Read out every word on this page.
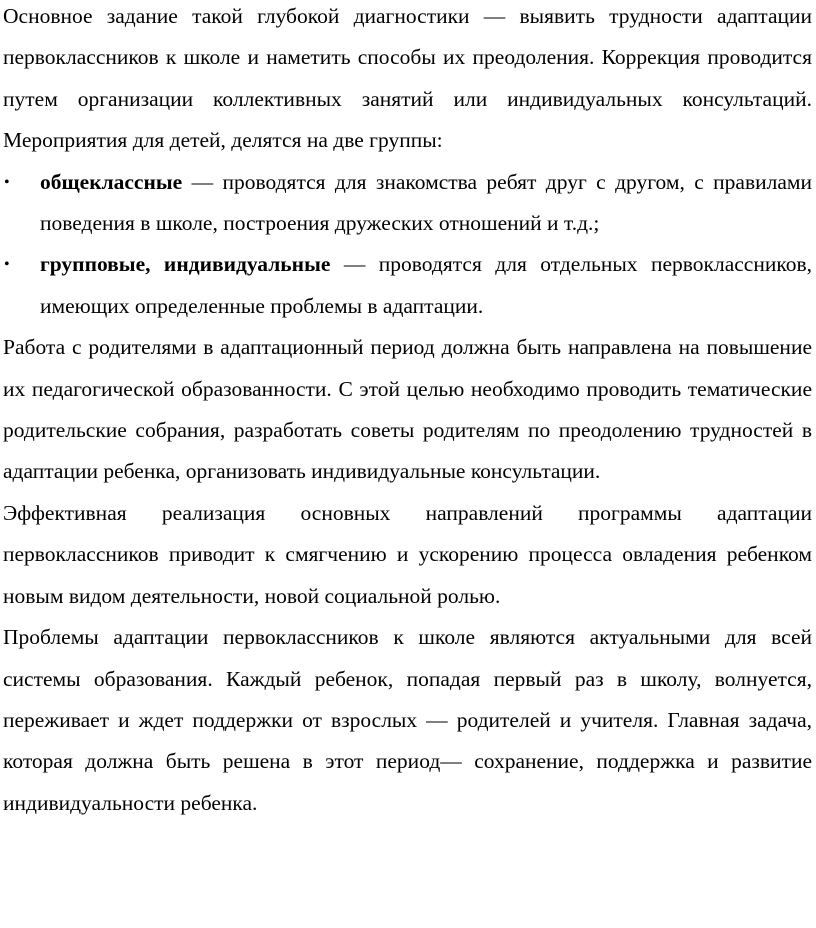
Основное задание такой глубокой диагностики — выявить трудности адаптации первоклассников к школе и наметить способы их преодоления. Коррекция проводится путем организации коллективных занятий или индивидуальных консультаций. Мероприятия для детей, делятся на две группы:

• общеклассные — проводятся для знакомства ребят друг с другом, с правилами поведения в школе, построения дружеских отношений и т.д.;
• групповые, индивидуальные — проводятся для отдельных первоклассников, имеющих определенные проблемы в адаптации.

Работа с родителями в адаптационный период должна быть направлена на повышение их педагогической образованности. С этой целью необходимо проводить тематические родительские собрания, разработать советы родителям по преодолению трудностей в адаптации ребенка, организовать индивидуальные консультации.

Эффективная реализация основных направлений программы адаптации первоклассников приводит к смягчению и ускорению процесса овладения ребенком новым видом деятельности, новой социальной ролью.

Проблемы адаптации первоклассников к школе являются актуальными для всей системы образования. Каждый ребенок, попадая первый раз в школу, волнуется, переживает и ждет поддержки от взрослых — родителей и учителя. Главная задача, которая должна быть решена в этот период— сохранение, поддержка и развитие индивидуальности ребенка.
